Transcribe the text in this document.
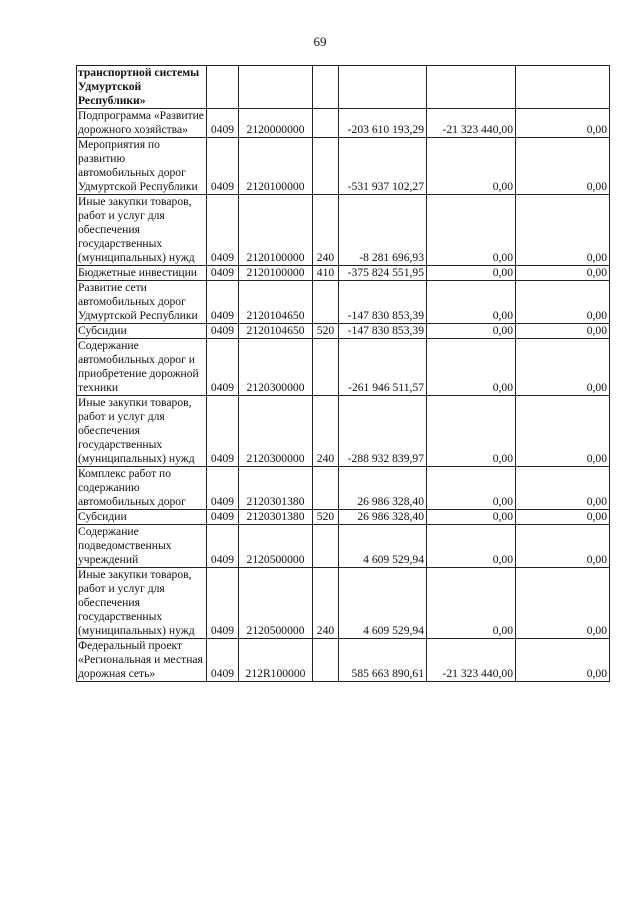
69
транспортной системы Удмуртской Республики»						
Подпрограмма «Развитие дорожного хозяйства»	0409	2120000000		-203 610 193,29	-21 323 440,00	0,00
Мероприятия по развитию автомобильных дорог Удмуртской Республики	0409	2120100000		-531 937 102,27	0,00	0,00
Иные закупки товаров, работ и услуг для обеспечения государственных (муниципальных) нужд	0409	2120100000	240	-8 281 696,93	0,00	0,00
Бюджетные инвестиции	0409	2120100000	410	-375 824 551,95	0,00	0,00
Развитие сети автомобильных дорог Удмуртской Республики	0409	2120104650		-147 830 853,39	0,00	0,00
Субсидии	0409	2120104650	520	-147 830 853,39	0,00	0,00
Содержание автомобильных дорог и приобретение дорожной техники	0409	2120300000		-261 946 511,57	0,00	0,00
Иные закупки товаров, работ и услуг для обеспечения государственных (муниципальных) нужд	0409	2120300000	240	-288 932 839,97	0,00	0,00
Комплекс работ по содержанию автомобильных дорог	0409	2120301380		26 986 328,40	0,00	0,00
Субсидии	0409	2120301380	520	26 986 328,40	0,00	0,00
Содержание подведомственных учреждений	0409	2120500000		4 609 529,94	0,00	0,00
Иные закупки товаров, работ и услуг для обеспечения государственных (муниципальных) нужд	0409	2120500000	240	4 609 529,94	0,00	0,00
Федеральный проект «Региональная и местная дорожная сеть»	0409	212R100000		585 663 890,61	-21 323 440,00	0,00
